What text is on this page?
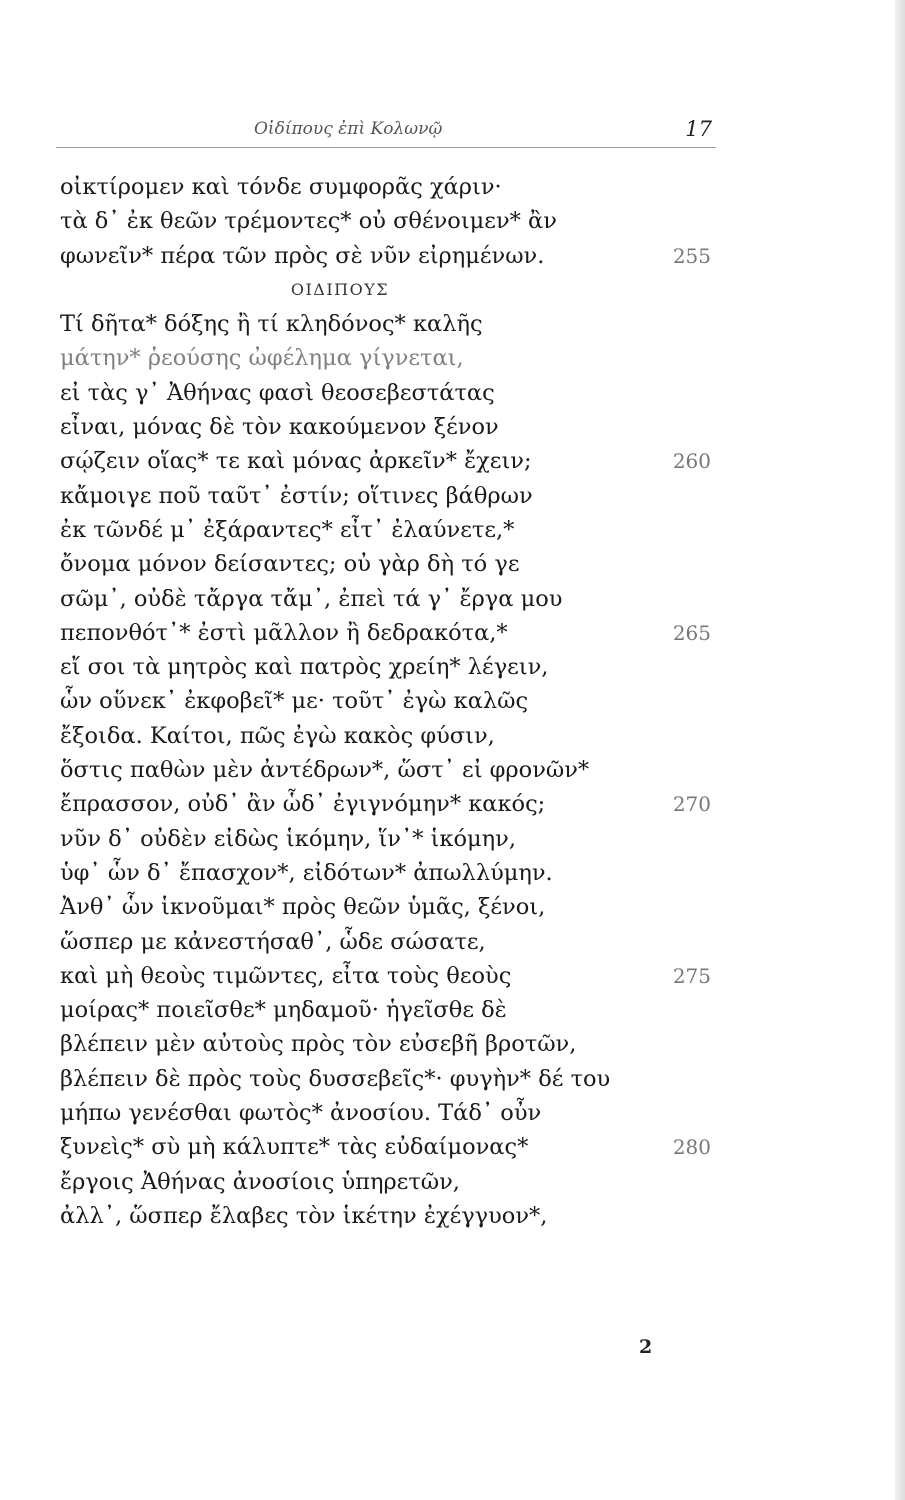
Οἰδίπους ἐπὶ Κολωνῷ	17
οἰκτίρομεν καὶ τόνδε συμφορᾶς χάριν·
τὰ δ᾽ ἐκ θεῶν τρέμοντες* οὐ σθένοιμεν* ἂν
φωνεῖν* πέρα τῶν πρὸς σὲ νῦν εἰρημένων.	255
ΟΙΔΙΠΟΥΣ
Τί δῆτα* δόξης ἢ τί κληδόνος* καλῆς
μάτην* ῥεούσης ὠφέλημα γίγνεται,
εἰ τὰς γ᾽ Ἀθήνας φασὶ θεοσεβεστάτας
εἶναι, μόνας δὲ τὸν κακούμενον ξένον
σῴζειν οἵας* τε καὶ μόνας ἀρκεῖν* ἔχειν;	260
κἄμοιγε ποῦ ταῦτ᾽ ἐστίν; οἵτινες βάθρων
ἐκ τῶνδέ μ᾽ ἐξάραντες* εἶτ᾽ ἐλαύνετε,*
ὄνομα μόνον δείσαντες; οὐ γὰρ δὴ τό γε
σῶμ᾽, οὐδὲ τἄργα τἄμ᾽, ἐπεὶ τά γ᾽ ἔργα μου
πεπονθότ᾽* ἐστὶ μᾶλλον ἢ δεδρακότα,*	265
εἴ σοι τὰ μητρὸς καὶ πατρὸς χρείη* λέγειν,
ὧν οὕνεκ᾽ ἐκφοβεῖ* με· τοῦτ᾽ ἐγὼ καλῶς
ἔξοιδα. Καίτοι, πῶς ἐγὼ κακὸς φύσιν,
ὅστις παθὼν μὲν ἀντέδρων*, ὥστ᾽ εἰ φρονῶν*
ἔπρασσον, οὐδ᾽ ἂν ὧδ᾽ ἐγιγνόμην* κακός;	270
νῦν δ᾽ οὐδὲν εἰδὼς ἱκόμην, ἵν᾽* ἱκόμην,
ὑφ᾽ ὧν δ᾽ ἔπασχον*, εἰδότων* ἀπωλλύμην.
Ἀνθ᾽ ὧν ἱκνοῦμαι* πρὸς θεῶν ὑμᾶς, ξένοι,
ὥσπερ με κἀνεστήσαθ᾽, ὧδε σώσατε,
καὶ μὴ θεοὺς τιμῶντες, εἶτα τοὺς θεοὺς	275
μοίρας* ποιεῖσθε* μηδαμοῦ· ἡγεῖσθε δὲ
βλέπειν μὲν αὐτοὺς πρὸς τὸν εὐσεβῆ βροτῶν,
βλέπειν δὲ πρὸς τοὺς δυσσεβεῖς*· φυγὴν* δέ του
μήπω γενέσθαι φωτὸς* ἀνοσίου. Τάδ᾽ οὖν
ξυνεὶς* σὺ μὴ κάλυπτε* τὰς εὐδαίμονας*	280
ἔργοις Ἀθήνας ἀνοσίοις ὑπηρετῶν,
ἀλλ᾽, ὥσπερ ἔλαβες τὸν ἱκέτην ἐχέγγυον*,
2
